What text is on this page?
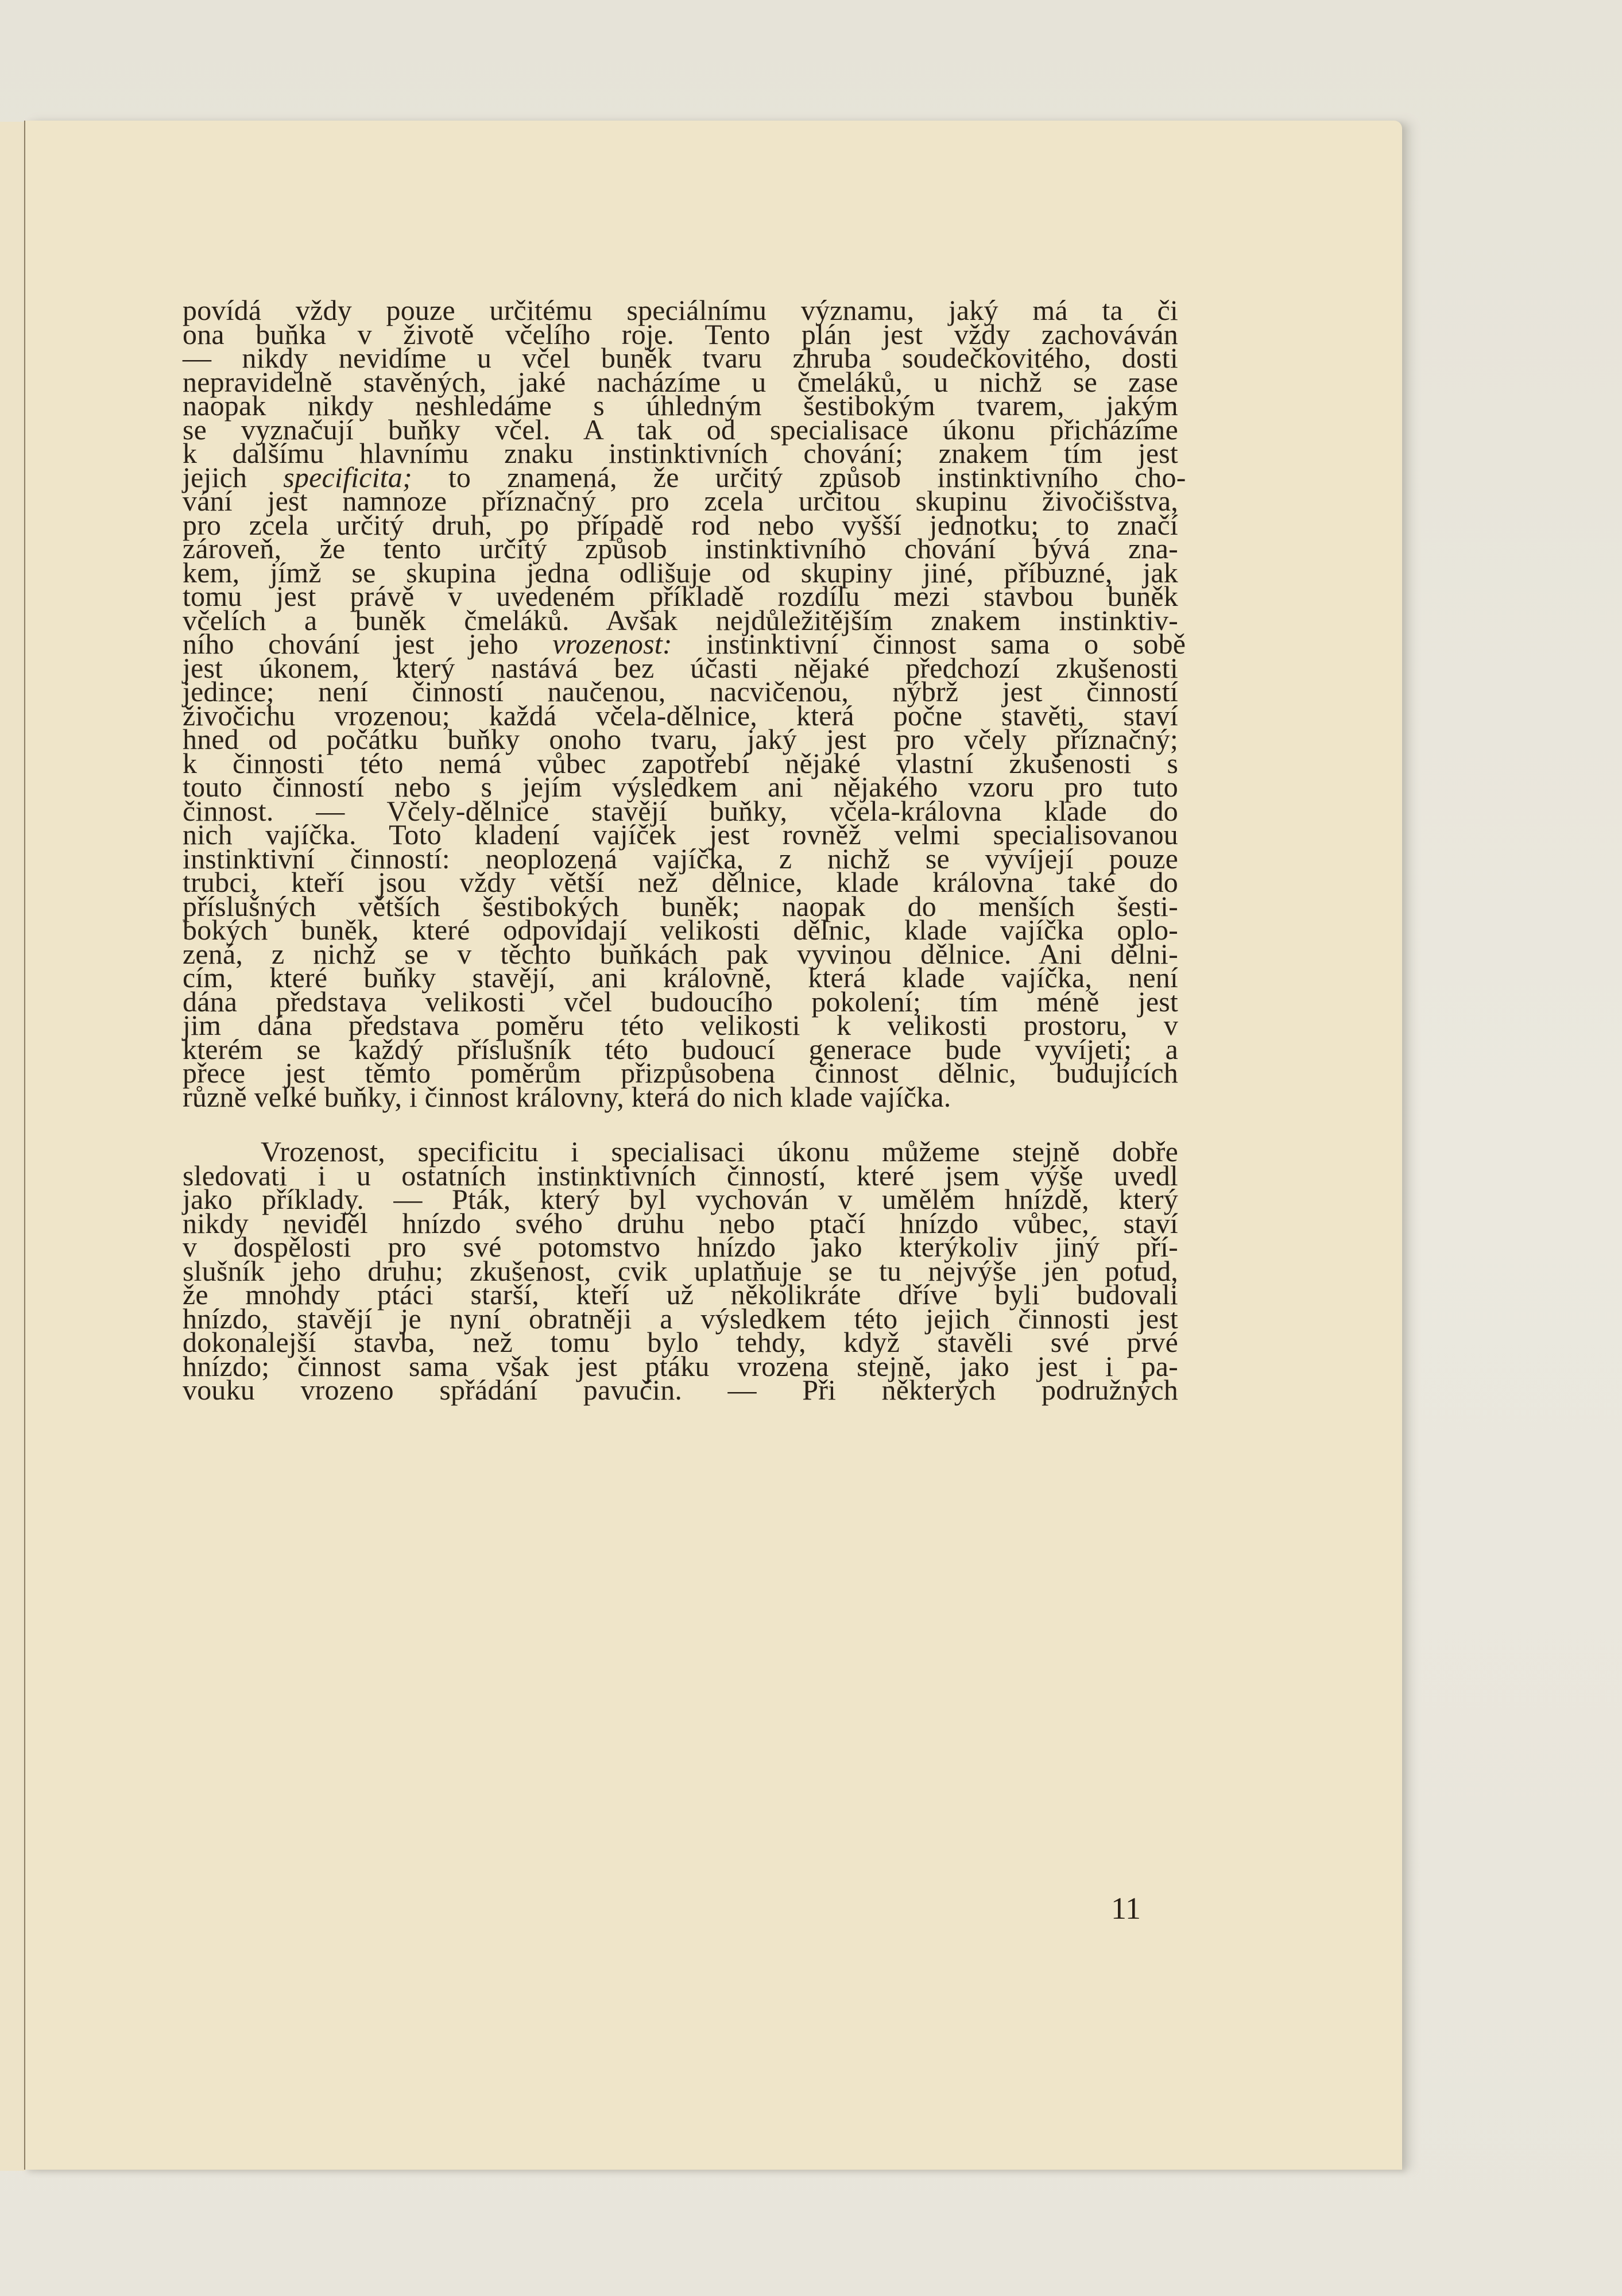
povídá vždy pouze určitému speciálnímu významu, jaký má ta či
ona buňka v životě včelího roje. Tento plán jest vždy zachováván
— nikdy nevidíme u včel buněk tvaru zhruba soudečkovitého, dosti
nepravidelně stavěných, jaké nacházíme u čmeláků, u nichž se zase
naopak nikdy neshledáme s úhledným šestibokým tvarem, jakým
se vyznačují buňky včel. A tak od specialisace úkonu přicházíme
k dalšímu hlavnímu znaku instinktivních chování; znakem tím jest
jejich specificita; to znamená, že určitý způsob instinktivního cho-
vání jest namnoze příznačný pro zcela určitou skupinu živočišstva,
pro zcela určitý druh, po případě rod nebo vyšší jednotku; to značí
zároveň, že tento určitý způsob instinktivního chování bývá zna-
kem, jímž se skupina jedna odlišuje od skupiny jiné, příbuzné, jak
tomu jest právě v uvedeném příkladě rozdílu mezi stavbou buněk
včelích a buněk čmeláků. Avšak nejdůležitějším znakem instinktiv-
ního chování jest jeho vrozenost: instinktivní činnost sama o sobě
jest úkonem, který nastává bez účasti nějaké předchozí zkušenosti
jedince; není činností naučenou, nacvičenou, nýbrž jest činností
živočichu vrozenou; každá včela-dělnice, která počne stavěti, staví
hned od počátku buňky onoho tvaru, jaký jest pro včely příznačný;
k činnosti této nemá vůbec zapotřebí nějaké vlastní zkušenosti s
touto činností nebo s jejím výsledkem ani nějakého vzoru pro tuto
činnost. — Včely-dělnice stavějí buňky, včela-královna klade do
nich vajíčka. Toto kladení vajíček jest rovněž velmi specialisovanou
instinktivní činností: neoplozená vajíčka, z nichž se vyvíjejí pouze
trubci, kteří jsou vždy větší než dělnice, klade královna také do
příslušných větších šestibokých buněk; naopak do menších šesti-
bokých buněk, které odpovídají velikosti dělnic, klade vajíčka oplo-
zená, z nichž se v těchto buňkách pak vyvinou dělnice. Ani dělni-
cím, které buňky stavějí, ani královně, která klade vajíčka, není
dána představa velikosti včel budoucího pokolení; tím méně jest
jim dána představa poměru této velikosti k velikosti prostoru, v
kterém se každý příslušník této budoucí generace bude vyvíjeti; a
přece jest těmto poměrům přizpůsobena činnost dělnic, budujících
různě velké buňky, i činnost královny, která do nich klade vajíčka.
Vrozenost, specificitu i specialisaci úkonu můžeme stejně dobře
sledovati i u ostatních instinktivních činností, které jsem výše uvedl
jako příklady. — Pták, který byl vychován v umělém hnízdě, který
nikdy neviděl hnízdo svého druhu nebo ptačí hnízdo vůbec, staví
v dospělosti pro své potomstvo hnízdo jako kterýkoliv jiný pří-
slušník jeho druhu; zkušenost, cvik uplatňuje se tu nejvýše jen potud,
že mnohdy ptáci starší, kteří už několikráte dříve byli budovali
hnízdo, stavějí je nyní obratněji a výsledkem této jejich činnosti jest
dokonalejší stavba, než tomu bylo tehdy, když stavěli své prvé
hnízdo; činnost sama však jest ptáku vrozena stejně, jako jest i pa-
vouku vrozeno spřádání pavučin. — Při některých podružných
11
